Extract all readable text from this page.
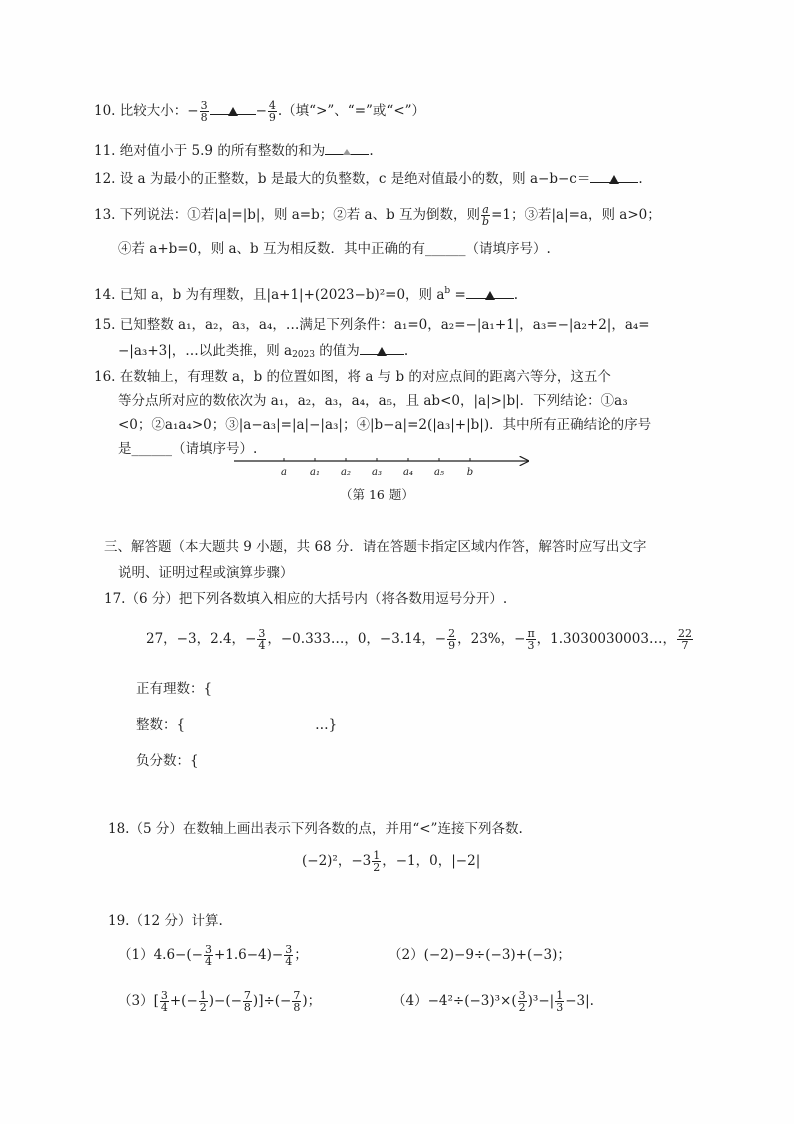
10. 比较大小：− $\frac{3}{8}$	− $\frac{4}{9}$ .（填“>”、“=”或“<”）
11. 绝对值小于 5.9 的所有整数的和为	.
12. 设 a 为最小的正整数，b 是最大的负整数，c 是绝对值最小的数，则 a−b−c＝	.
13. 下列说法：①若|a|=|b|，则 a=b；②若 a、b 互为倒数，则 $\frac{a}{b} =1$；③若|a|=a，则 a>0；
④若 a+b=0，则 a、b 互为相反数．其中正确的有______（请填序号）.
14. 已知 a，b 为有理数，且|a+1|+(2023−b)²=0，则 $a^b$ =	.
15. 已知整数 a₁，a₂，a₃，a₄，…满足下列条件：a₁=0，a₂=−|a₁+1|，a₃=−|a₂+2|，a₄=
−|a₃+3|，…以此类推，则 $a_{2023}$ 的值为	.
16. 在数轴上，有理数 a，b 的位置如图，将 a 与 b 的对应点间的距离六等分，这五个
等分点所对应的数依次为 a₁，a₂，a₃，a₄，a₅，且 ab<0，|a|>|b|．下列结论：①a₃
<0；②a₁a₄>0；③|a−a₃|=|a|−|a₃|；④|b−a|=2(|a₃|+|b|)．其中所有正确结论的序号
是______（请填序号）.
a a₁ a₂ a₃ a₄ a₅ b
（第 16 题）
三、解答题（本大题共 9 小题，共 68 分．请在答题卡指定区域内作答，解答时应写出文字
说明、证明过程或演算步骤）
17.（6 分）把下列各数填入相应的大括号内（将各数用逗号分开）.
27，−3，2.4，− $\frac{3}{4}$ ，−0.333…，0，−3.14，− $\frac{2}{9}$ ，23%，− $\frac{\pi}{3}$ ，1.3030030003…， $\frac{22}{7}$
正有理数：{
整数：{	…}
负分数：{
18.（5 分）在数轴上画出表示下列各数的点，并用“<”连接下列各数.
(−2)²，$-3 \frac{1}{2}$ ，−1，0，|−2|
19.（12 分）计算.
$(1)4.6-(- \frac{3}{4} +1.6-4)- \frac{3}{4}$ ；	（2）(−2)−9÷(−3)+(−3)；
$(3)[ \frac{3}{4}$ +(− $\frac{1}{2}$ )−(− $\frac{7}{8}$ )]÷(− $\frac{7}{8}$ )；	$(4)-4^2\div(-3)^3\times( \frac{3}{2} )^3-| \frac{1}{3} -3|$.
